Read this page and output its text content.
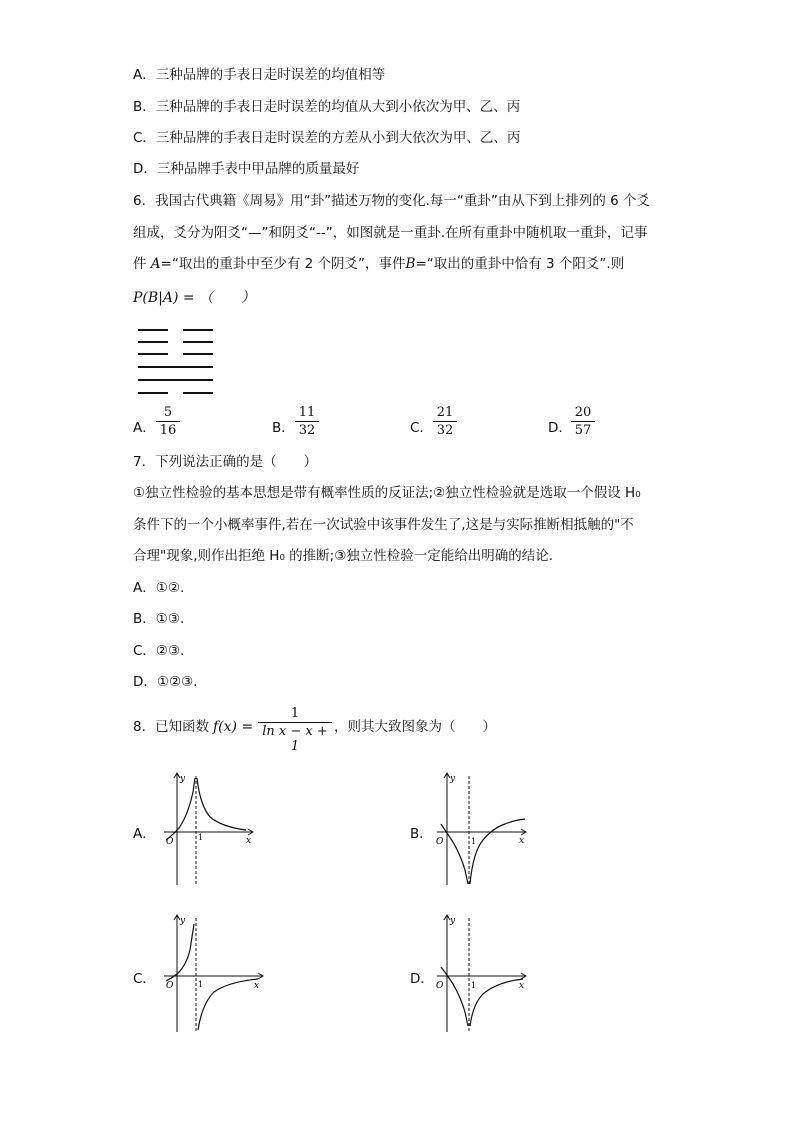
A．三种品牌的手表日走时误差的均值相等
B．三种品牌的手表日走时误差的均值从大到小依次为甲、乙、丙
C．三种品牌的手表日走时误差的方差从小到大依次为甲、乙、丙
D．三种品牌手表中甲品牌的质量最好
6．我国古代典籍《周易》用“卦”描述万物的变化.每一“重卦”由从下到上排列的 6 个爻
组成，爻分为阳爻“—”和阴爻“--”，如图就是一重卦.在所有重卦中随机取一重卦，记事
件 A=“取出的重卦中至少有 2 个阴爻”，事件B=“取出的重卦中恰有 3 个阳爻”.则
P(B|A) = （　　）
A．
5
16	B．
11
32	C．
21
32	D．
20
57
7．下列说法正确的是（　　）
①独立性检验的基本思想是带有概率性质的反证法;②独立性检验就是选取一个假设 H₀
条件下的一个小概率事件,若在一次试验中该事件发生了,这是与实际推断相抵触的"不
合理"现象,则作出拒绝 H₀ 的推断;③独立性检验一定能给出明确的结论.
A．①②.
B．①③.
C．②③.
D．①②③.
8．已知函数 f(x) =
1
ln x − x + 1
，则其大致图象为（　　）
A．	B．
C．	D．
y
x
O	1
y
x
O	1
y
x
O	1
y
x
O	1
